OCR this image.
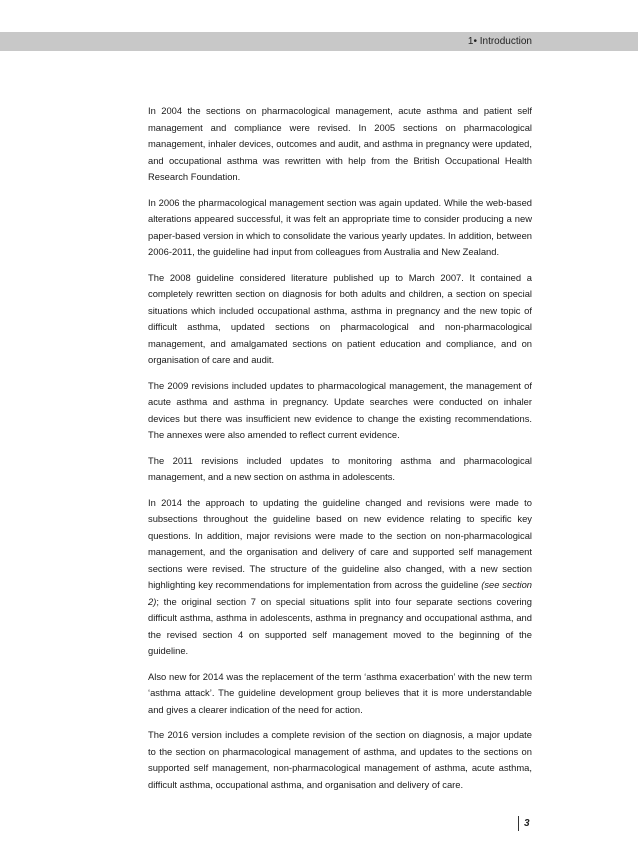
1• Introduction

In 2004 the sections on pharmacological management, acute asthma and patient self management and compliance were revised. In 2005 sections on pharmacological management, inhaler devices, outcomes and audit, and asthma in pregnancy were updated, and occupational asthma was rewritten with help from the British Occupational Health Research Foundation.

In 2006 the pharmacological management section was again updated. While the web-based alterations appeared successful, it was felt an appropriate time to consider producing a new paper-based version in which to consolidate the various yearly updates. In addition, between 2006-2011, the guideline had input from colleagues from Australia and New Zealand.

The 2008 guideline considered literature published up to March 2007. It contained a completely rewritten section on diagnosis for both adults and children, a section on special situations which included occupational asthma, asthma in pregnancy and the new topic of difficult asthma, updated sections on pharmacological and non-pharmacological management, and amalgamated sections on patient education and compliance, and on organisation of care and audit.

The 2009 revisions included updates to pharmacological management, the management of acute asthma and asthma in pregnancy. Update searches were conducted on inhaler devices but there was insufficient new evidence to change the existing recommendations. The annexes were also amended to reflect current evidence.

The 2011 revisions included updates to monitoring asthma and pharmacological management, and a new section on asthma in adolescents.

In 2014 the approach to updating the guideline changed and revisions were made to subsections throughout the guideline based on new evidence relating to specific key questions. In addition, major revisions were made to the section on non-pharmacological management, and the organisation and delivery of care and supported self management sections were revised. The structure of the guideline also changed, with a new section highlighting key recommendations for implementation from across the guideline (see section 2); the original section 7 on special situations split into four separate sections covering difficult asthma, asthma in adolescents, asthma in pregnancy and occupational asthma, and the revised section 4 on supported self management moved to the beginning of the guideline.

Also new for 2014 was the replacement of the term ‘asthma exacerbation’ with the new term ‘asthma attack’. The guideline development group believes that it is more understandable and gives a clearer indication of the need for action.

The 2016 version includes a complete revision of the section on diagnosis, a major update to the section on pharmacological management of asthma, and updates to the sections on supported self management, non-pharmacological management of asthma, acute asthma, difficult asthma, occupational asthma, and organisation and delivery of care.

3
